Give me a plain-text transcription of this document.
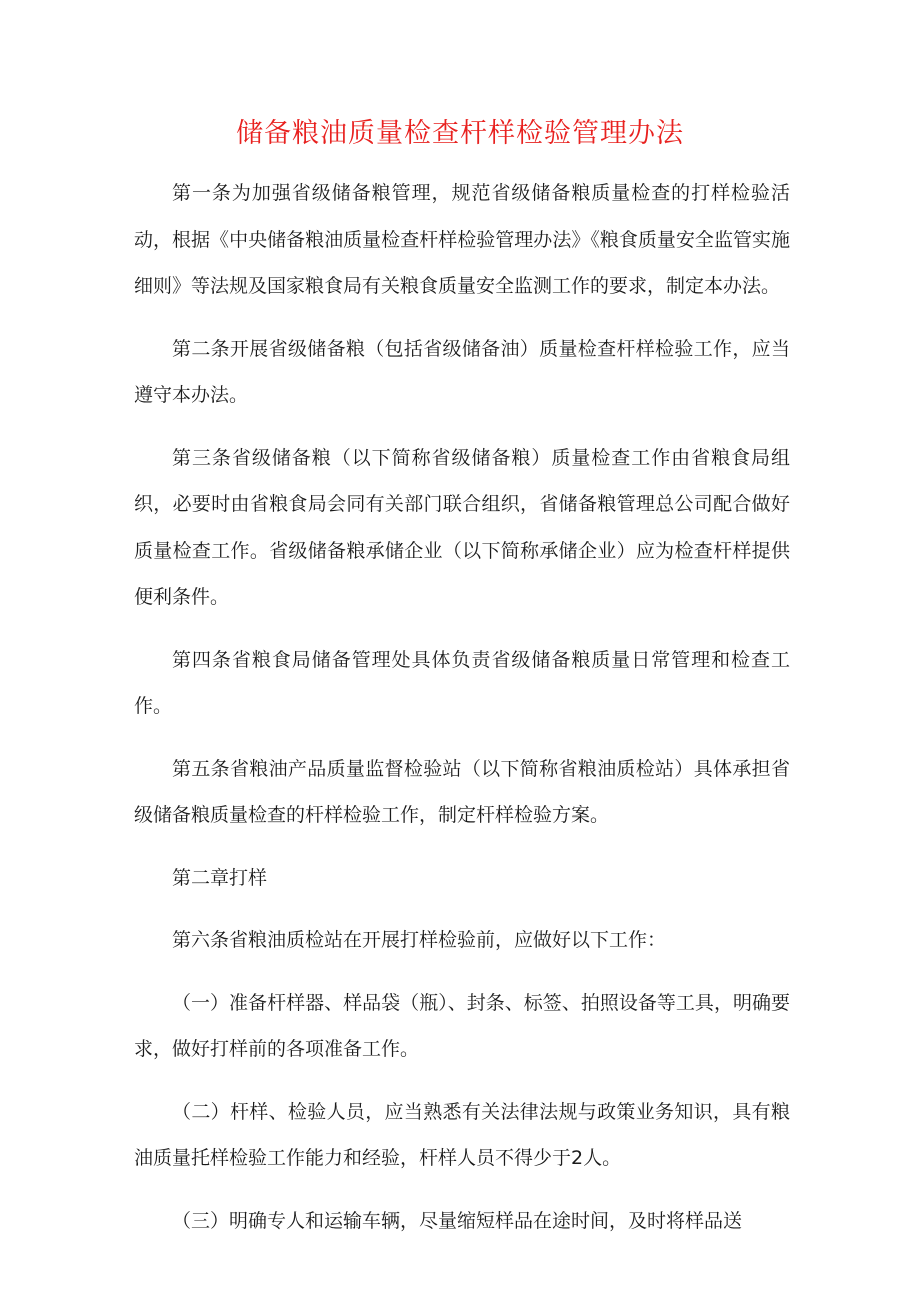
储备粮油质量检查杆样检验管理办法

第一条为加强省级储备粮管理，规范省级储备粮质量检查的打样检验活动，根据《中央储备粮油质量检查杆样检验管理办法》《粮食质量安全监管实施细则》等法规及国家粮食局有关粮食质量安全监测工作的要求，制定本办法。

第二条开展省级储备粮（包括省级储备油）质量检查杆样检验工作，应当遵守本办法。

第三条省级储备粮（以下简称省级储备粮）质量检查工作由省粮食局组织，必要时由省粮食局会同有关部门联合组织，省储备粮管理总公司配合做好质量检查工作。省级储备粮承储企业（以下简称承储企业）应为检查杆样提供便利条件。

第四条省粮食局储备管理处具体负责省级储备粮质量日常管理和检查工作。

第五条省粮油产品质量监督检验站（以下简称省粮油质检站）具体承担省级储备粮质量检查的杆样检验工作，制定杆样检验方案。

第二章打样

第六条省粮油质检站在开展打样检验前，应做好以下工作：

（一）准备杆样器、样品袋（瓶）、封条、标签、拍照设备等工具，明确要求，做好打样前的各项准备工作。

（二）杆样、检验人员，应当熟悉有关法律法规与政策业务知识，具有粮油质量托样检验工作能力和经验，杆样人员不得少于2人。

（三）明确专人和运输车辆，尽量缩短样品在途时间，及时将样品送
